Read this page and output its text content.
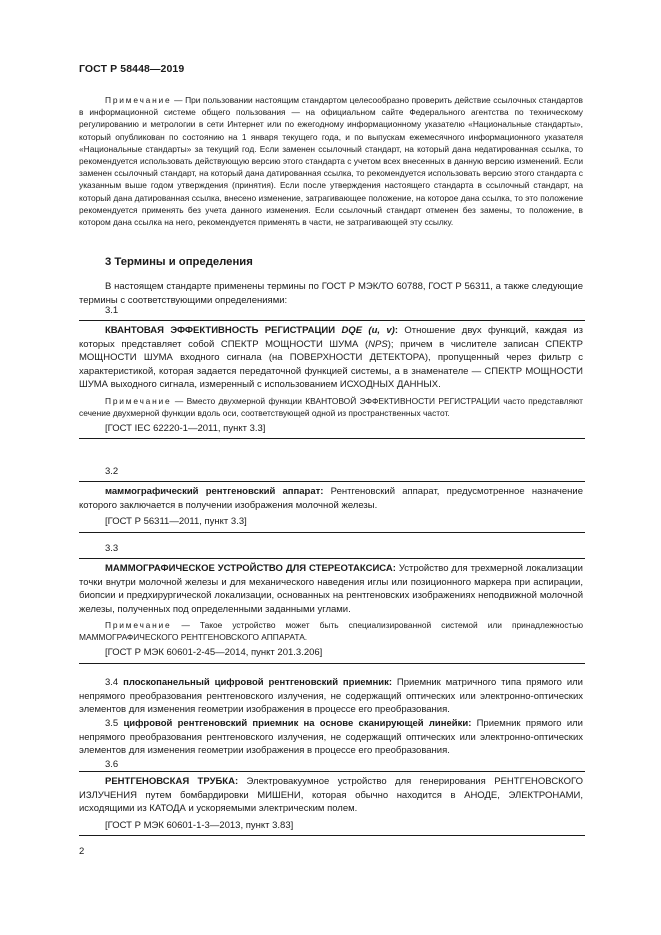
ГОСТ Р 58448—2019

Примечание — При пользовании настоящим стандартом целесообразно проверить действие ссылочных стандартов в информационной системе общего пользования — на официальном сайте Федерального агентства по техническому регулированию и метрологии в сети Интернет или по ежегодному информационному указателю «Национальные стандарты», который опубликован по состоянию на 1 января текущего года, и по выпускам ежемесячного информационного указателя «Национальные стандарты» за текущий год. Если заменен ссылочный стандарт, на который дана недатированная ссылка, то рекомендуется использовать действующую версию этого стандарта с учетом всех внесенных в данную версию изменений. Если заменен ссылочный стандарт, на который дана датированная ссылка, то рекомендуется использовать версию этого стандарта с указанным выше годом утверждения (принятия). Если после утверждения настоящего стандарта в ссылочный стандарт, на который дана датированная ссылка, внесено изменение, затрагивающее положение, на которое дана ссылка, то это положение рекомендуется применять без учета данного изменения. Если ссылочный стандарт отменен без замены, то положение, в котором дана ссылка на него, рекомендуется применять в части, не затрагивающей эту ссылку.

3 Термины и определения

В настоящем стандарте применены термины по ГОСТ Р МЭК/ТО 60788, ГОСТ Р 56311, а также следующие термины с соответствующими определениями:

3.1

КВАНТОВАЯ ЭФФЕКТИВНОСТЬ РЕГИСТРАЦИИ DQE (u, v): Отношение двух функций, каждая из которых представляет собой СПЕКТР МОЩНОСТИ ШУМА (NPS); причем в числителе записан СПЕКТР МОЩНОСТИ ШУМА входного сигнала (на ПОВЕРХНОСТИ ДЕТЕКТОРА), пропущенный через фильтр с характеристикой, которая задается передаточной функцией системы, а в знаменателе — СПЕКТР МОЩНОСТИ ШУМА выходного сигнала, измеренный с использованием ИСХОДНЫХ ДАННЫХ.

Примечание — Вместо двухмерной функции КВАНТОВОЙ ЭФФЕКТИВНОСТИ РЕГИСТРАЦИИ часто представляют сечение двухмерной функции вдоль оси, соответствующей одной из пространственных частот.

[ГОСТ IEC 62220-1—2011, пункт 3.3]

3.2

маммографический рентгеновский аппарат: Рентгеновский аппарат, предусмотренное назначение которого заключается в получении изображения молочной железы.

[ГОСТ Р 56311—2011, пункт 3.3]

3.3

МАММОГРАФИЧЕСКОЕ УСТРОЙСТВО ДЛЯ СТЕРЕОТАКСИСА: Устройство для трехмерной локализации точки внутри молочной железы и для механического наведения иглы или позиционного маркера при аспирации, биопсии и предхирургической локализации, основанных на рентгеновских изображениях неподвижной молочной железы, полученных под определенными заданными углами.

Примечание — Такое устройство может быть специализированной системой или принадлежностью МАММОГРАФИЧЕСКОГО РЕНТГЕНОВСКОГО АППАРАТА.

[ГОСТ Р МЭК 60601-2-45—2014, пункт 201.3.206]

3.4 плоскопанельный цифровой рентгеновский приемник: Приемник матричного типа прямого или непрямого преобразования рентгеновского излучения, не содержащий оптических или электронно-оптических элементов для изменения геометрии изображения в процессе его преобразования.

3.5 цифровой рентгеновский приемник на основе сканирующей линейки: Приемник прямого или непрямого преобразования рентгеновского излучения, не содержащий оптических или электронно-оптических элементов для изменения геометрии изображения в процессе его преобразования.

3.6

РЕНТГЕНОВСКАЯ ТРУБКА: Электровакуумное устройство для генерирования РЕНТГЕНОВСКОГО ИЗЛУЧЕНИЯ путем бомбардировки МИШЕНИ, которая обычно находится в АНОДЕ, ЭЛЕКТРОНАМИ, исходящими из КАТОДА и ускоряемыми электрическим полем.

[ГОСТ Р МЭК 60601-1-3—2013, пункт 3.83]

2
